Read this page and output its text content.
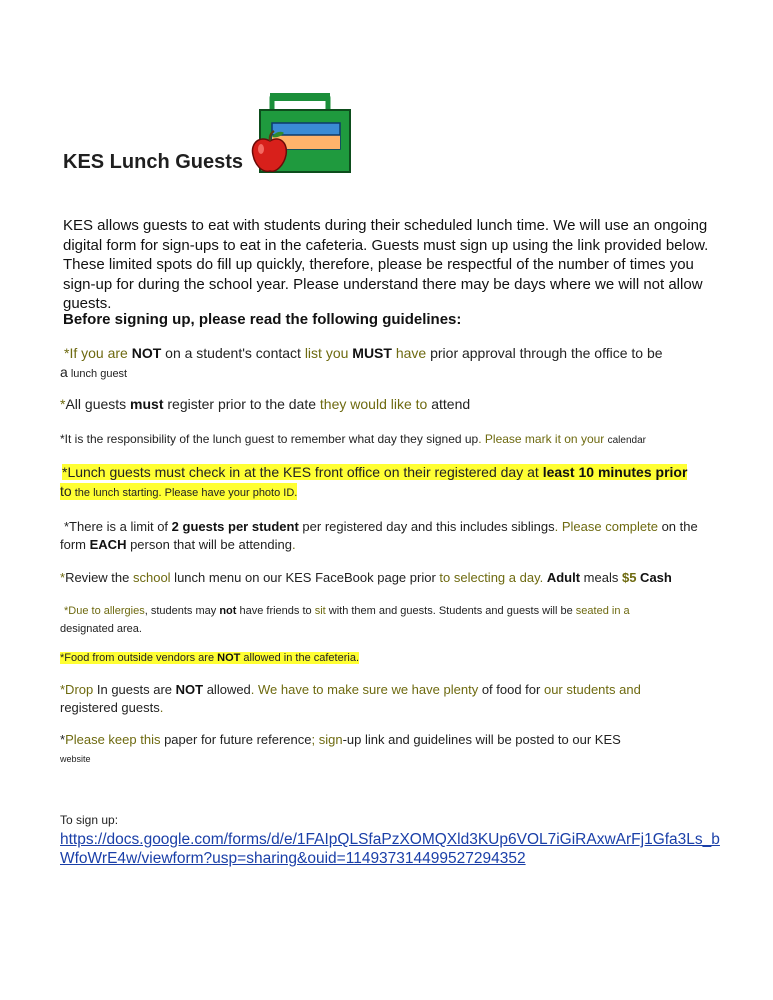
KES Lunch Guests
KES allows guests to eat with students during their scheduled lunch time. We will use an ongoing digital form for sign-ups to eat in the cafeteria. Guests must sign up using the link provided below. These limited spots do fill up quickly, therefore, please be respectful of the number of times you sign-up for during the school year. Please understand there may be days where we will not allow guests.
Before signing up, please read the following guidelines:
*If you are NOT on a student's contact list you MUST have prior approval through the office to be
a lunch guest
*All guests must register prior to the date they would like to attend
*It is the responsibility of the lunch guest to remember what day they signed up. Please mark it on your calendar
*Lunch guests must check in at the KES front office on their registered day at least 10 minutes prior
to the lunch starting. Please have your photo ID.
*There is a limit of 2 guests per student per registered day and this includes siblings. Please complete on the
form EACH person that will be attending.
*Review the school lunch menu on our KES FaceBook page prior to selecting a day. Adult meals $5 Cash
*Due to allergies, students may not have friends to sit with them and guests. Students and guests will be seated in a
designated area.
*Food from outside vendors are NOT allowed in the cafeteria.
*Drop In guests are NOT allowed. We have to make sure we have plenty of food for our students and
registered guests.
*Please keep this paper for future reference; sign-up link and guidelines will be posted to our KES
website
To sign up:
https://docs.google.com/forms/d/e/1FAIpQLSfaPzXOMQXld3KUp6VOL7iGiRAxwArFj1Gfa3Ls_bWfoWrE4w/viewform?usp=sharing&ouid=114937314499527294352
